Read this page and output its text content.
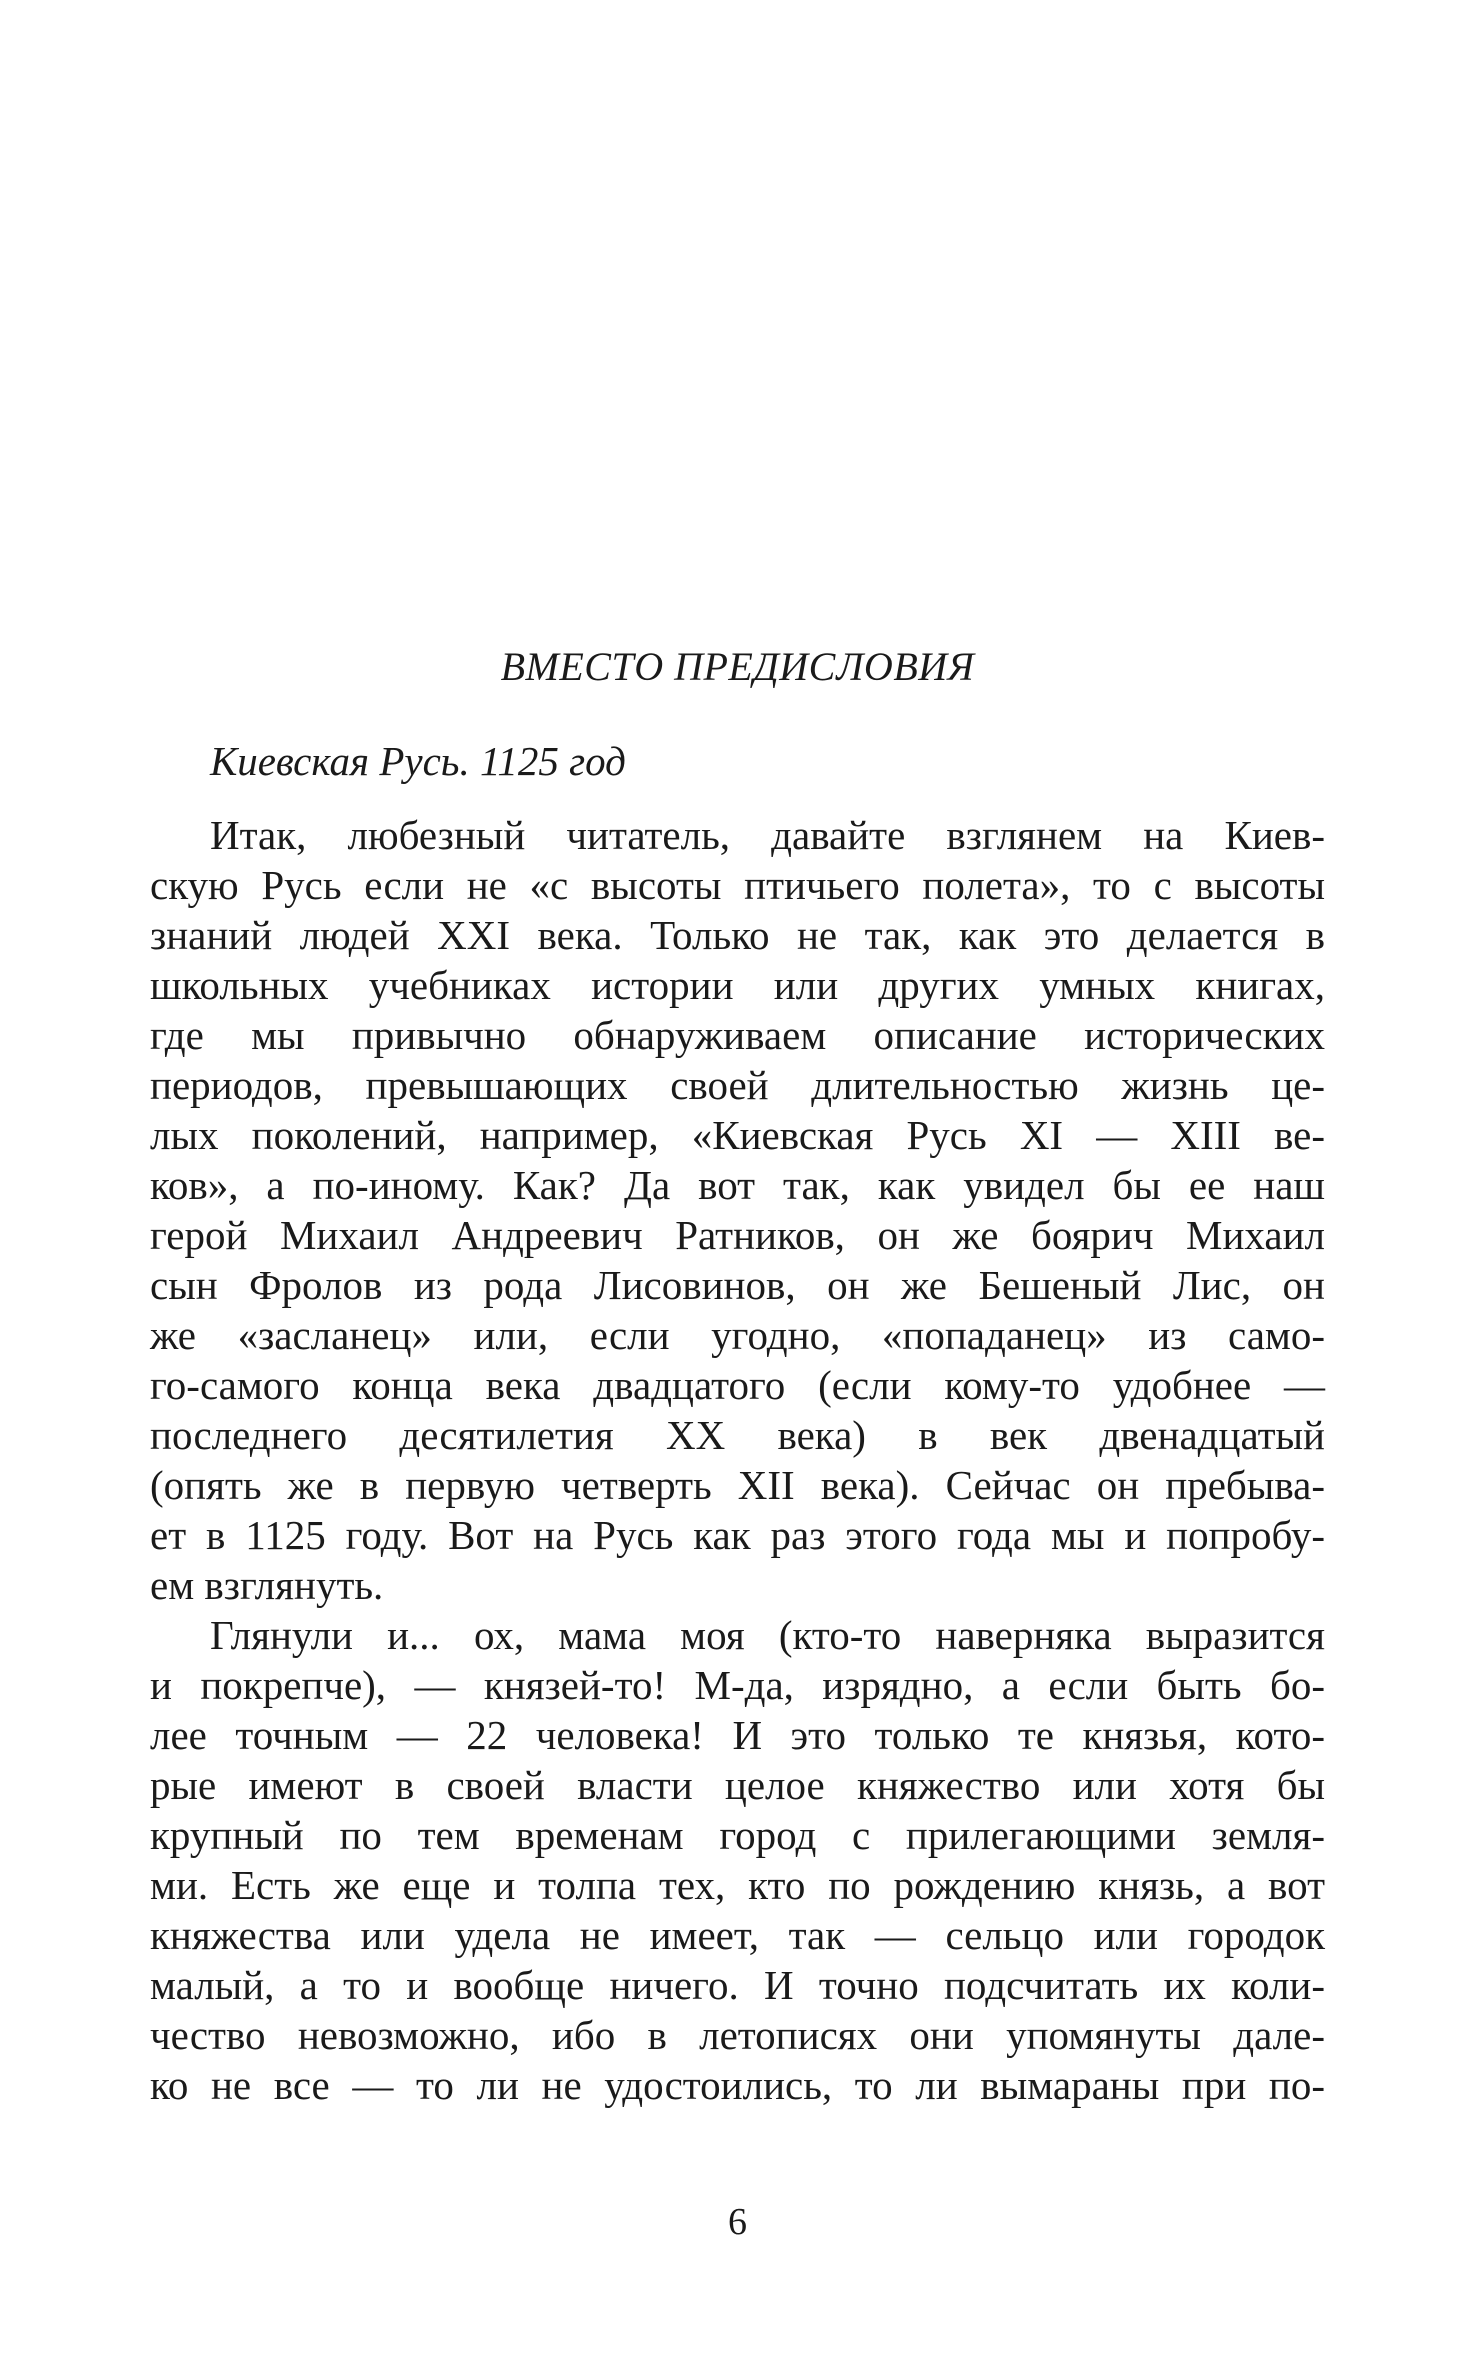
ВМЕСТО ПРЕДИСЛОВИЯ
Киевская Русь. 1125 год
Итак, любезный читатель, давайте взглянем на Киев-
скую Русь если не «с высоты птичьего полета», то с высоты
знаний людей XXI века. Только не так, как это делается в
школьных учебниках истории или других умных книгах,
где мы привычно обнаруживаем описание исторических
периодов, превышающих своей длительностью жизнь це-
лых поколений, например, «Киевская Русь XI — XIII ве-
ков», а по-иному. Как? Да вот так, как увидел бы ее наш
герой Михаил Андреевич Ратников, он же боярич Михаил
сын Фролов из рода Лисовинов, он же Бешеный Лис, он
же «засланец» или, если угодно, «попаданец» из само-
го-самого конца века двадцатого (если кому-то удобнее —
последнего десятилетия XX века) в век двенадцатый
(опять же в первую четверть XII века). Сейчас он пребыва-
ет в 1125 году. Вот на Русь как раз этого года мы и попробу-
ем взглянуть.
Глянули и... ох, мама моя (кто-то наверняка выразится
и покрепче), — князей-то! М-да, изрядно, а если быть бо-
лее точным — 22 человека! И это только те князья, кото-
рые имеют в своей власти целое княжество или хотя бы
крупный по тем временам город с прилегающими земля-
ми. Есть же еще и толпа тех, кто по рождению князь, а вот
княжества или удела не имеет, так — сельцо или городок
малый, а то и вообще ничего. И точно подсчитать их коли-
чество невозможно, ибо в летописях они упомянуты дале-
ко не все — то ли не удостоились, то ли вымараны при по-
6
